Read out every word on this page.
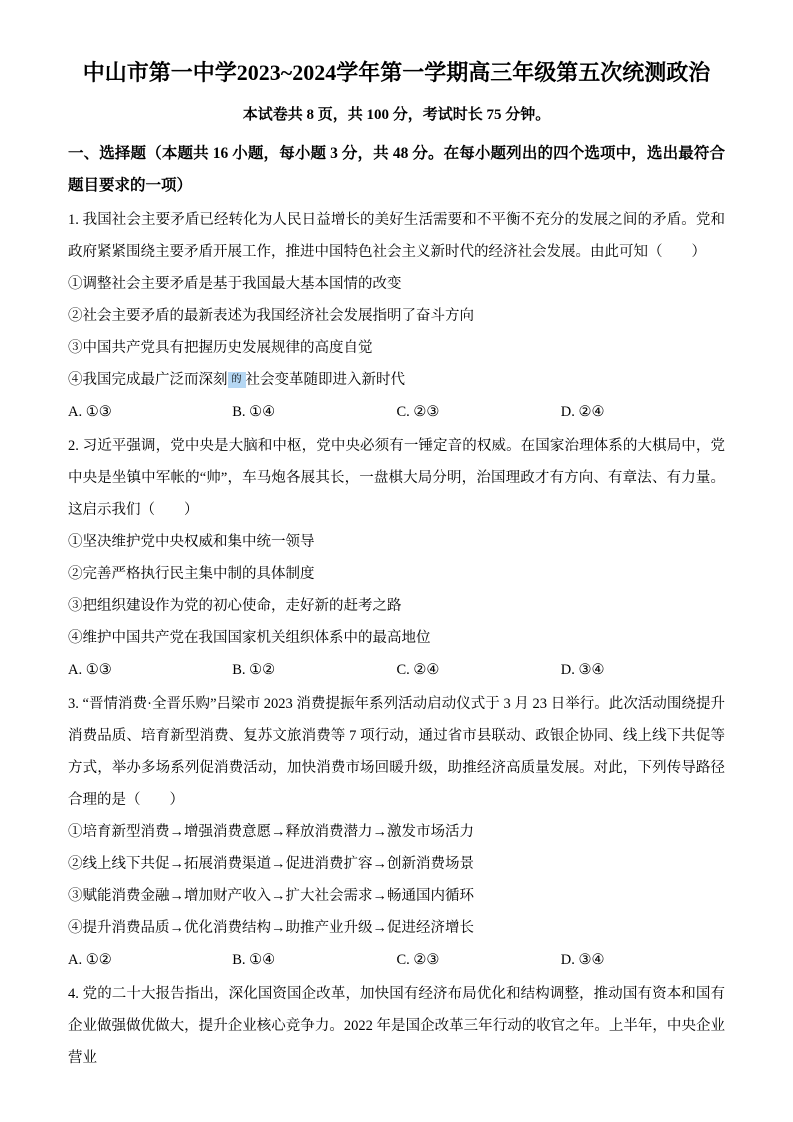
中山市第一中学2023~2024学年第一学期高三年级第五次统测政治

本试卷共 8 页，共 100 分，考试时长 75 分钟。

一、选择题（本题共 16 小题，每小题 3 分，共 48 分。在每小题列出的四个选项中，选出最符合题目要求的一项）

1. 我国社会主要矛盾已经转化为人民日益增长的美好生活需要和不平衡不充分的发展之间的矛盾。党和政府紧紧围绕主要矛盾开展工作，推进中国特色社会主义新时代的经济社会发展。由此可知（　　）

①调整社会主要矛盾是基于我国最大基本国情的改变

②社会主要矛盾的最新表述为我国经济社会发展指明了奋斗方向

③中国共产党具有把握历史发展规律的高度自觉

④我国完成最广泛而深刻 的 社会变革随即进入新时代

A. ①③	B. ①④	C. ②③	D. ②④

2. 习近平强调，党中央是大脑和中枢，党中央必须有一锤定音的权威。在国家治理体系的大棋局中，党中央是坐镇中军帐的“帅”，车马炮各展其长，一盘棋大局分明，治国理政才有方向、有章法、有力量。这启示我们（　　）

①坚决维护党中央权威和集中统一领导

②完善严格执行民主集中制的具体制度

③把组织建设作为党的初心使命，走好新的赶考之路

④维护中国共产党在我国国家机关组织体系中的最高地位

A. ①③	B. ①②	C. ②④	D. ③④

3. “晋情消费·全晋乐购”吕梁市 2023 消费提振年系列活动启动仪式于 3 月 23 日举行。此次活动围绕提升消费品质、培育新型消费、复苏文旅消费等 7 项行动，通过省市县联动、政银企协同、线上线下共促等方式，举办多场系列促消费活动，加快消费市场回暖升级，助推经济高质量发展。对此，下列传导路径合理的是（　　）

①培育新型消费→增强消费意愿→释放消费潜力→激发市场活力

②线上线下共促→拓展消费渠道→促进消费扩容→创新消费场景

③赋能消费金融→增加财产收入→扩大社会需求→畅通国内循环

④提升消费品质→优化消费结构→助推产业升级→促进经济增长

A. ①②	B. ①④	C. ②③	D. ③④

4. 党的二十大报告指出，深化国资国企改革，加快国有经济布局优化和结构调整，推动国有资本和国有企业做强做优做大，提升企业核心竞争力。2022 年是国企改革三年行动的收官之年。上半年，中央企业营业
